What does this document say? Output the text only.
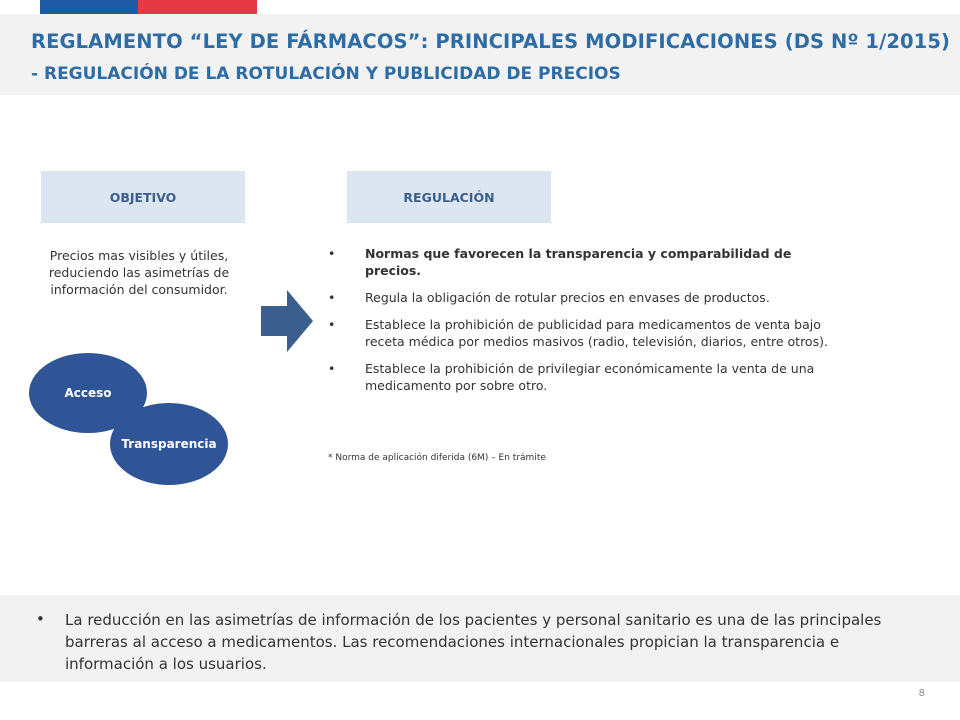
REGLAMENTO “LEY DE FÁRMACOS”: PRINCIPALES MODIFICACIONES (DS Nº 1/2015)
- REGULACIÓN DE LA ROTULACIÓN Y PUBLICIDAD DE PRECIOS
OBJETIVO	REGULACIÓN
Precios mas visibles y útiles, reduciendo las asimetrías de información del consumidor.
• Normas que favorecen la transparencia y comparabilidad de precios.
• Regula la obligación de rotular precios en envases de productos.
• Establece la prohibición de publicidad para medicamentos de venta bajo receta médica por medios masivos (radio, televisión, diarios, entre otros).
• Establece la prohibición de privilegiar económicamente la venta de una medicamento por sobre otro.
* Norma de aplicación diferida (6M) – En trámite
Acceso
Transparencia
• La reducción en las asimetrías de información de los pacientes y personal sanitario es una de las principales barreras al acceso a medicamentos. Las recomendaciones internacionales propician la transparencia e información a los usuarios.
8
